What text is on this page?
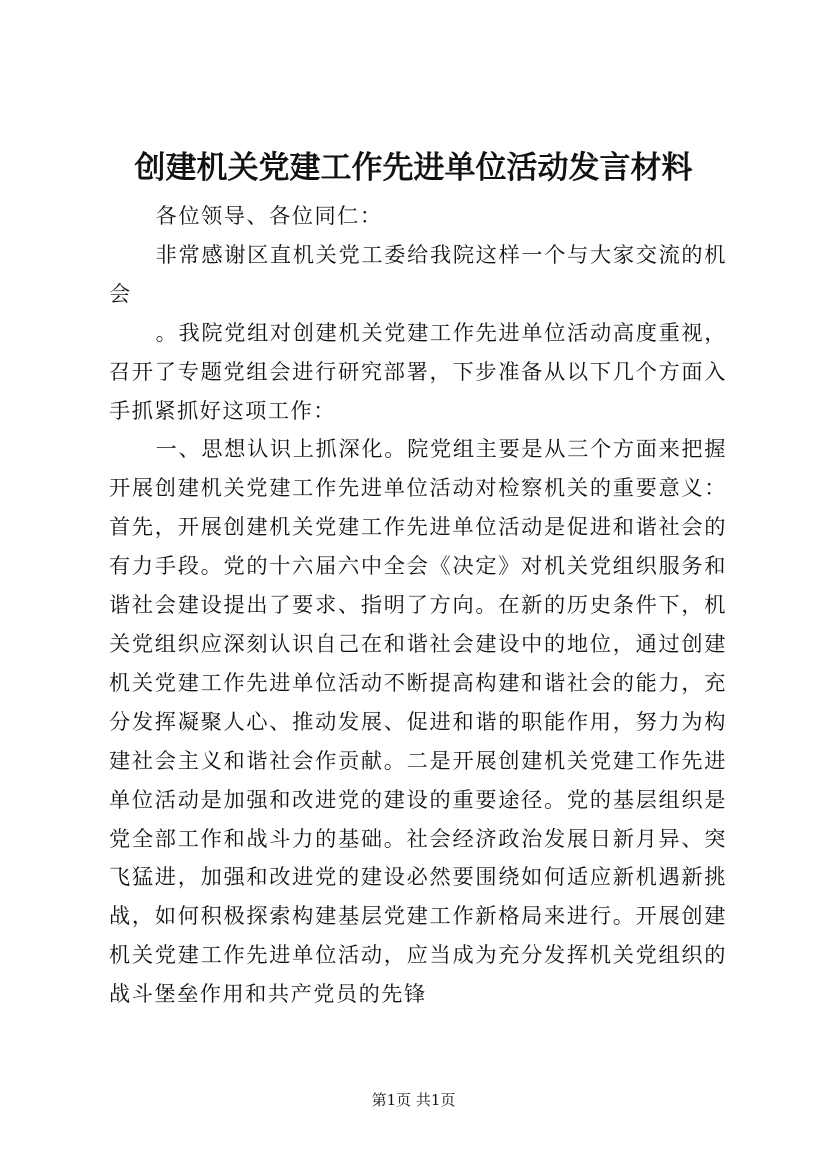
创建机关党建工作先进单位活动发言材料

各位领导、各位同仁：

非常感谢区直机关党工委给我院这样一个与大家交流的机会

。我院党组对创建机关党建工作先进单位活动高度重视，召开了专题党组会进行研究部署，下步准备从以下几个方面入手抓紧抓好这项工作：

一、思想认识上抓深化。院党组主要是从三个方面来把握开展创建机关党建工作先进单位活动对检察机关的重要意义：首先，开展创建机关党建工作先进单位活动是促进和谐社会的有力手段。党的十六届六中全会《决定》对机关党组织服务和谐社会建设提出了要求、指明了方向。在新的历史条件下，机关党组织应深刻认识自己在和谐社会建设中的地位，通过创建机关党建工作先进单位活动不断提高构建和谐社会的能力，充分发挥凝聚人心、推动发展、促进和谐的职能作用，努力为构建社会主义和谐社会作贡献。二是开展创建机关党建工作先进单位活动是加强和改进党的建设的重要途径。党的基层组织是党全部工作和战斗力的基础。社会经济政治发展日新月异、突飞猛进，加强和改进党的建设必然要围绕如何适应新机遇新挑战，如何积极探索构建基层党建工作新格局来进行。开展创建机关党建工作先进单位活动，应当成为充分发挥机关党组织的战斗堡垒作用和共产党员的先锋

第1页 共1页
